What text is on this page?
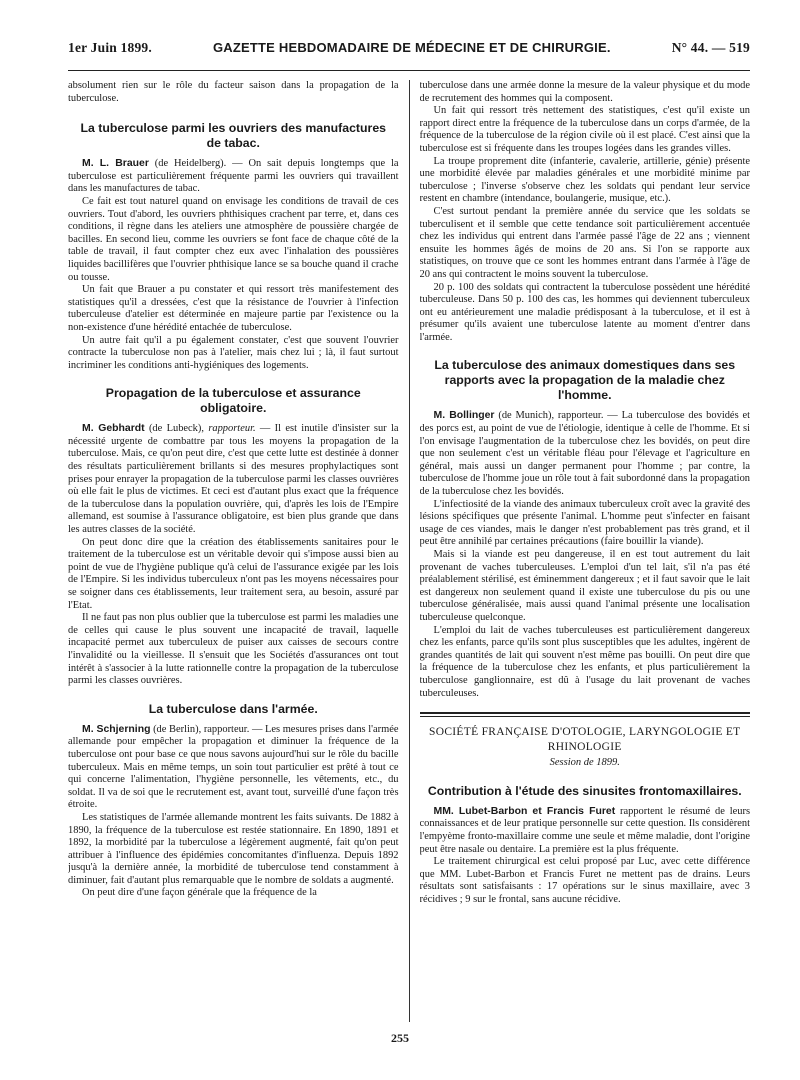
1er Juin 1899.	GAZETTE HEBDOMADAIRE DE MÉDECINE ET DE CHIRURGIE.	N° 44. — 519

absolument rien sur le rôle du facteur saison dans la propagation de la tuberculose.

La tuberculose parmi les ouvriers des manufactures de tabac.

M. L. Brauer (de Heidelberg). — On sait depuis longtemps que la tuberculose est particulièrement fréquente parmi les ouvriers qui travaillent dans les manufactures de tabac.

Ce fait est tout naturel quand on envisage les conditions de travail de ces ouvriers. Tout d'abord, les ouvriers phthisiques crachent par terre, et, dans ces conditions, il règne dans les ateliers une atmosphère de poussière chargée de bacilles. En second lieu, comme les ouvriers se font face de chaque côté de la table de travail, il faut compter chez eux avec l'inhalation des poussières liquides bacillifères que l'ouvrier phthisique lance se sa bouche quand il crache ou tousse.

Un fait que Brauer a pu constater et qui ressort très manifestement des statistiques qu'il a dressées, c'est que la résistance de l'ouvrier à l'infection tuberculeuse d'atelier est déterminée en majeure partie par l'existence ou la non-existence d'une hérédité entachée de tuberculose.

Un autre fait qu'il a pu également constater, c'est que souvent l'ouvrier contracte la tuberculose non pas à l'atelier, mais chez lui ; là, il faut surtout incriminer les conditions anti-hygiéniques des logements.

Propagation de la tuberculose et assurance obligatoire.

M. Gebhardt (de Lubeck), rapporteur. — Il est inutile d'insister sur la nécessité urgente de combattre par tous les moyens la propagation de la tuberculose. Mais, ce qu'on peut dire, c'est que cette lutte est destinée à donner des résultats particulièrement brillants si des mesures prophylactiques sont prises pour enrayer la propagation de la tuberculose parmi les classes ouvrières où elle fait le plus de victimes. Et ceci est d'autant plus exact que la fréquence de la tuberculose dans la population ouvrière, qui, d'après les lois de l'Empire allemand, est soumise à l'assurance obligatoire, est bien plus grande que dans les autres classes de la société.

On peut donc dire que la création des établissements sanitaires pour le traitement de la tuberculose est un véritable devoir qui s'impose aussi bien au point de vue de l'hygiène publique qu'à celui de l'assurance exigée par les lois de l'Empire. Si les individus tuberculeux n'ont pas les moyens nécessaires pour se soigner dans ces établissements, leur traitement sera, au besoin, assuré par l'Etat.

Il ne faut pas non plus oublier que la tuberculose est parmi les maladies une de celles qui cause le plus souvent une incapacité de travail, laquelle incapacité permet aux tuberculeux de puiser aux caisses de secours contre l'invalidité ou la vieillesse. Il s'ensuit que les Sociétés d'assurances ont tout intérêt à s'associer à la lutte rationnelle contre la propagation de la tuberculose parmi les classes ouvrières.

La tuberculose dans l'armée.

M. Schjerning (de Berlin), rapporteur. — Les mesures prises dans l'armée allemande pour empêcher la propagation et diminuer la fréquence de la tuberculose ont pour base ce que nous savons aujourd'hui sur le rôle du bacille tuberculeux. Mais en même temps, un soin tout particulier est prêté à tout ce qui concerne l'alimentation, l'hygiène personnelle, les vêtements, etc., du soldat. Il va de soi que le recrutement est, avant tout, surveillé d'une façon très étroite.

Les statistiques de l'armée allemande montrent les faits suivants. De 1882 à 1890, la fréquence de la tuberculose est restée stationnaire. En 1890, 1891 et 1892, la morbidité par la tuberculose a légèrement augmenté, fait qu'on peut attribuer à l'influence des épidémies concomitantes d'influenza. Depuis 1892 jusqu'à la dernière année, la morbidité de tuberculose tend constamment à diminuer, fait d'autant plus remarquable que le nombre de soldats a augmenté.

On peut dire d'une façon générale que la fréquence de la

tuberculose dans une armée donne la mesure de la valeur physique et du mode de recrutement des hommes qui la composent.

Un fait qui ressort très nettement des statistiques, c'est qu'il existe un rapport direct entre la fréquence de la tuberculose dans un corps d'armée, de la fréquence de la tuberculose de la région civile où il est placé. C'est ainsi que la tuberculose est si fréquente dans les troupes logées dans les grandes villes.

La troupe proprement dite (infanterie, cavalerie, artillerie, génie) présente une morbidité élevée par maladies générales et une morbidité minime par tuberculose ; l'inverse s'observe chez les soldats qui pendant leur service restent en chambre (intendance, boulangerie, musique, etc.).

C'est surtout pendant la première année du service que les soldats se tuberculisent et il semble que cette tendance soit particulièrement accentuée chez les individus qui entrent dans l'armée passé l'âge de 22 ans ; viennent ensuite les hommes âgés de moins de 20 ans. Si l'on se rapporte aux statistiques, on trouve que ce sont les hommes entrant dans l'armée à l'âge de 20 ans qui contractent le moins souvent la tuberculose.

20 p. 100 des soldats qui contractent la tuberculose possèdent une hérédité tuberculeuse. Dans 50 p. 100 des cas, les hommes qui deviennent tuberculeux ont eu antérieurement une maladie prédisposant à la tuberculose, et il est à présumer qu'ils avaient une tuberculose latente au moment d'entrer dans l'armée.

La tuberculose des animaux domestiques dans ses rapports avec la propagation de la maladie chez l'homme.

M. Bollinger (de Munich), rapporteur. — La tuberculose des bovidés et des porcs est, au point de vue de l'étiologie, identique à celle de l'homme. Et si l'on envisage l'augmentation de la tuberculose chez les bovidés, on peut dire que non seulement c'est un véritable fléau pour l'élevage et l'agriculture en général, mais aussi un danger permanent pour l'homme ; par contre, la tuberculose de l'homme joue un rôle tout à fait subordonné dans la propagation de la tuberculose chez les bovidés.

L'infectiosité de la viande des animaux tuberculeux croît avec la gravité des lésions spécifiques que présente l'animal. L'homme peut s'infecter en faisant usage de ces viandes, mais le danger n'est probablement pas très grand, et il peut être annihilé par certaines précautions (faire bouillir la viande).

Mais si la viande est peu dangereuse, il en est tout autrement du lait provenant de vaches tuberculeuses. L'emploi d'un tel lait, s'il n'a pas été préalablement stérilisé, est éminemment dangereux ; et il faut savoir que le lait est dangereux non seulement quand il existe une tuberculose du pis ou une tuberculose généralisée, mais aussi quand l'animal présente une localisation tuberculeuse quelconque.

L'emploi du lait de vaches tuberculeuses est particulièrement dangereux chez les enfants, parce qu'ils sont plus susceptibles que les adultes, ingèrent de grandes quantités de lait qui souvent n'est même pas bouilli. On peut dire que la fréquence de la tuberculose chez les enfants, et plus particulièrement la tuberculose ganglionnaire, est dû à l'usage du lait provenant de vaches tuberculeuses.

SOCIÉTÉ FRANÇAISE D'OTOLOGIE, LARYNGOLOGIE ET RHINOLOGIE
Session de 1899.
Contribution à l'étude des sinusites frontomaxillaires.

MM. Lubet-Barbon et Francis Furet rapportent le résumé de leurs connaissances et de leur pratique personnelle sur cette question. Ils considèrent l'empyème fronto-maxillaire comme une seule et même maladie, dont l'origine peut être nasale ou dentaire. La première est la plus fréquente.

Le traitement chirurgical est celui proposé par Luc, avec cette différence que MM. Lubet-Barbon et Francis Furet ne mettent pas de drains. Leurs résultats sont satisfaisants : 17 opérations sur le sinus maxillaire, avec 3 récidives ; 9 sur le frontal, sans aucune récidive.

255
